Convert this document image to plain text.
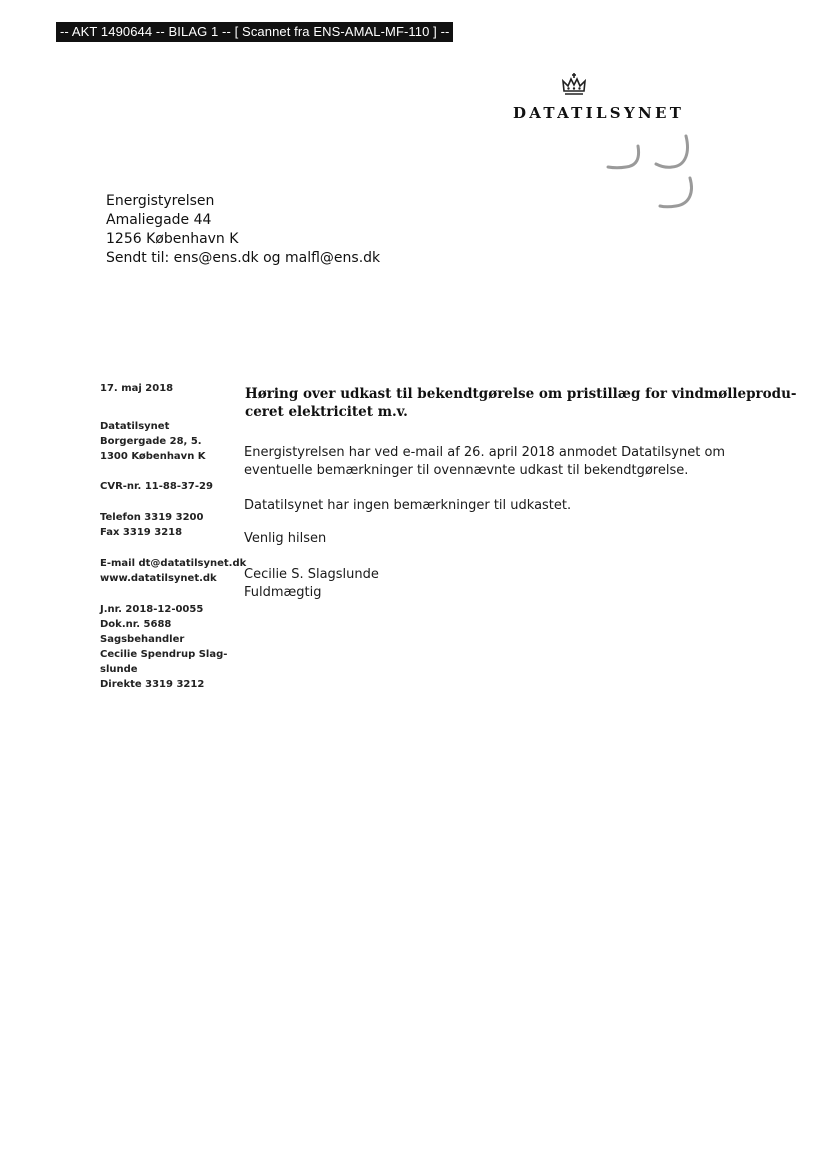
-- AKT 1490644 -- BILAG 1 -- [ Scannet fra ENS-AMAL-MF-110 ] --
DATATILSYNET
Energistyrelsen
Amaliegade 44
1256 København K
Sendt til: ens@ens.dk og malfl@ens.dk
17. maj 2018
Datatilsynet
Borgergade 28, 5.
1300 København K
CVR-nr. 11-88-37-29
Telefon 3319 3200
Fax 3319 3218
E-mail dt@datatilsynet.dk
www.datatilsynet.dk
J.nr. 2018-12-0055
Dok.nr. 5688
Sagsbehandler
Cecilie Spendrup Slag-
slunde
Direkte 3319 3212
Høring over udkast til bekendtgørelse om pristillæg for vindmølleprodu-
ceret elektricitet m.v.
Energistyrelsen har ved e-mail af 26. april 2018 anmodet Datatilsynet om
eventuelle bemærkninger til ovennævnte udkast til bekendtgørelse.
Datatilsynet har ingen bemærkninger til udkastet.
Venlig hilsen
Cecilie S. Slagslunde
Fuldmægtig
